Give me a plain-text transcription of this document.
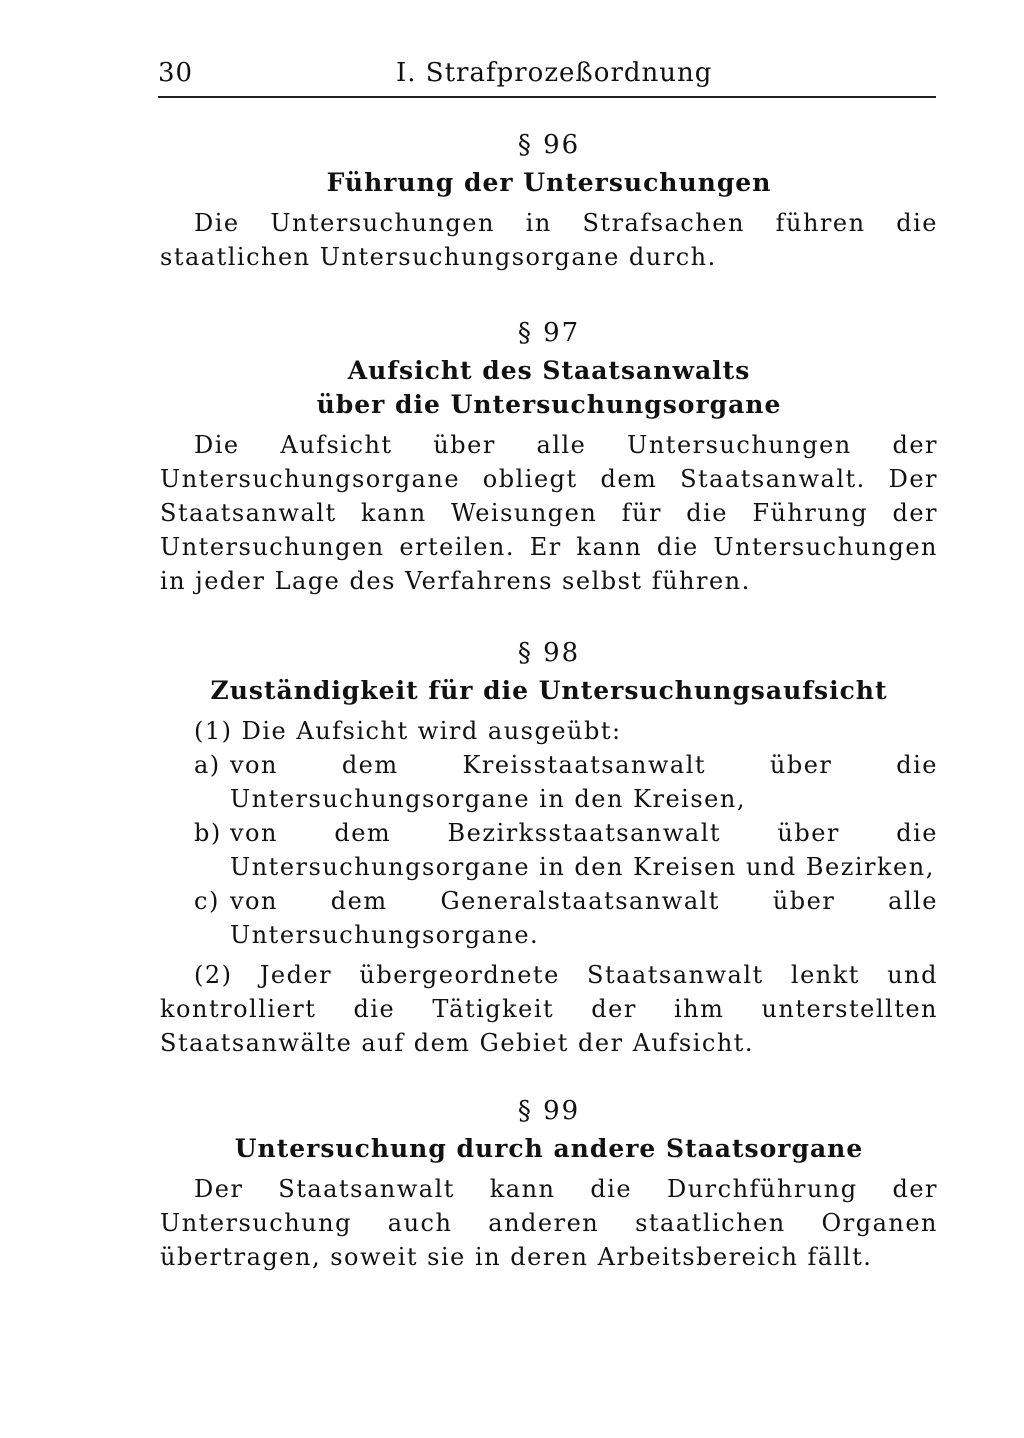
30	I. Strafprozeßordnung

§ 96

Führung der Untersuchungen

Die Untersuchungen in Strafsachen führen die staatlichen Untersuchungsorgane durch.

§ 97

Aufsicht des Staatsanwalts
über die Untersuchungsorgane

Die Aufsicht über alle Untersuchungen der Untersuchungsorgane obliegt dem Staatsanwalt. Der Staatsanwalt kann Weisungen für die Führung der Untersuchungen erteilen. Er kann die Untersuchungen in jeder Lage des Verfahrens selbst führen.

§ 98

Zuständigkeit für die Untersuchungsaufsicht

(1) Die Aufsicht wird ausgeübt:

a) von dem Kreisstaatsanwalt über die Untersuchungsorgane in den Kreisen,
b) von dem Bezirksstaatsanwalt über die Untersuchungsorgane in den Kreisen und Bezirken,
c) von dem Generalstaatsanwalt über alle Untersuchungsorgane.

(2) Jeder übergeordnete Staatsanwalt lenkt und kontrolliert die Tätigkeit der ihm unterstellten Staatsanwälte auf dem Gebiet der Aufsicht.

§ 99

Untersuchung durch andere Staatsorgane

Der Staatsanwalt kann die Durchführung der Untersuchung auch anderen staatlichen Organen übertragen, soweit sie in deren Arbeitsbereich fällt.
